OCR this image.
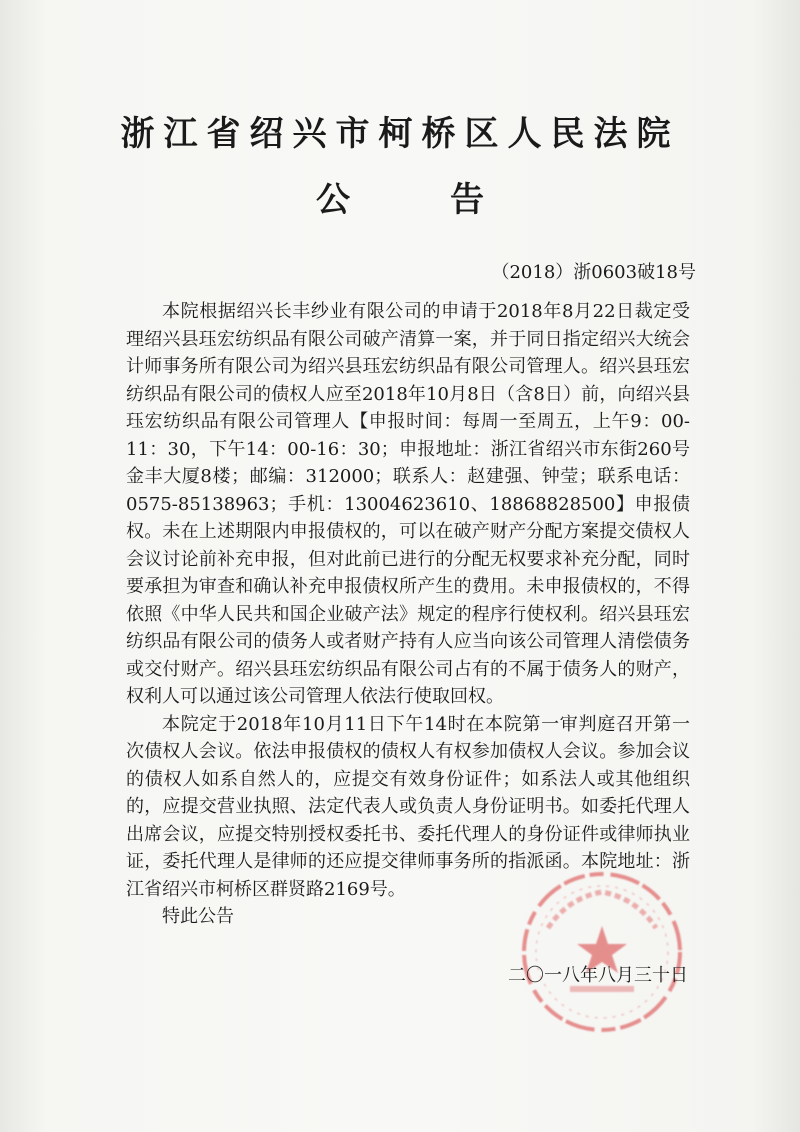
浙江省绍兴市柯桥区人民法院
公告
（2018）浙0603破18号

本院根据绍兴长丰纱业有限公司的申请于2018年8月22日裁定受理绍兴县珏宏纺织品有限公司破产清算一案，并于同日指定绍兴大统会计师事务所有限公司为绍兴县珏宏纺织品有限公司管理人。绍兴县珏宏纺织品有限公司的债权人应至2018年10月8日（含8日）前，向绍兴县珏宏纺织品有限公司管理人【申报时间：每周一至周五，上午9：00-11：30，下午14：00-16：30；申报地址：浙江省绍兴市东街260号金丰大厦8楼；邮编：312000；联系人：赵建强、钟莹；联系电话：0575-85138963；手机：13004623610、18868828500】申报债权。未在上述期限内申报债权的，可以在破产财产分配方案提交债权人会议讨论前补充申报，但对此前已进行的分配无权要求补充分配，同时要承担为审查和确认补充申报债权所产生的费用。未申报债权的，不得依照《中华人民共和国企业破产法》规定的程序行使权利。绍兴县珏宏纺织品有限公司的债务人或者财产持有人应当向该公司管理人清偿债务或交付财产。绍兴县珏宏纺织品有限公司占有的不属于债务人的财产，权利人可以通过该公司管理人依法行使取回权。

本院定于2018年10月11日下午14时在本院第一审判庭召开第一次债权人会议。依法申报债权的债权人有权参加债权人会议。参加会议的债权人如系自然人的，应提交有效身份证件；如系法人或其他组织的，应提交营业执照、法定代表人或负责人身份证明书。如委托代理人出席会议，应提交特别授权委托书、委托代理人的身份证件或律师执业证，委托代理人是律师的还应提交律师事务所的指派函。本院地址：浙江省绍兴市柯桥区群贤路2169号。

特此公告

二〇一八年八月三十日
